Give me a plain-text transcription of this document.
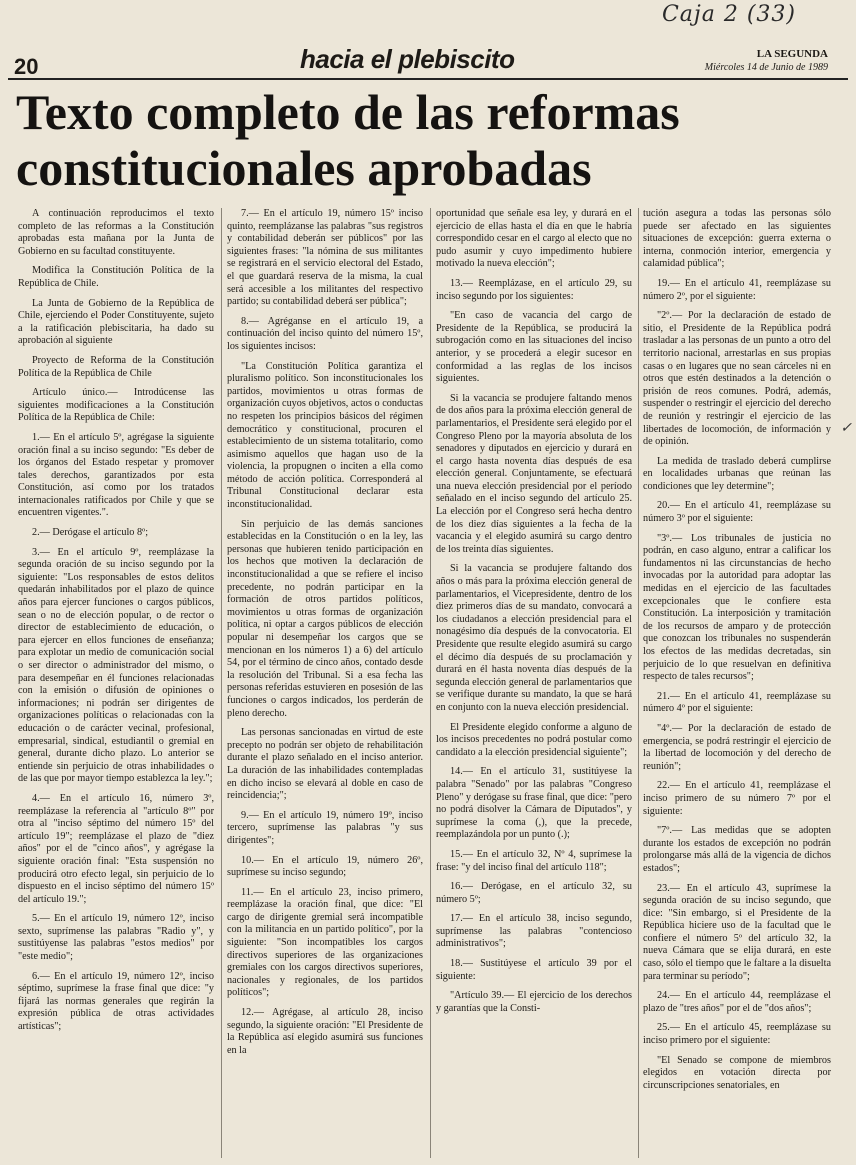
Caja 2 (33)
20	hacia el plebiscito	LA SEGUNDA
Miércoles 14 de Junio de 1989
Texto completo de las reformas
constitucionales aprobadas

A continuación reproducimos el texto completo de las reformas a la Constitución aprobadas esta mañana por la Junta de Gobierno en su facultad constituyente.

Modifica la Constitución Política de la República de Chile.

La Junta de Gobierno de la República de Chile, ejerciendo el Poder Constituyente, sujeto a la ratificación plebiscitaria, ha dado su aprobación al siguiente

Proyecto de Reforma de la Constitución Política de la República de Chile

Artículo único.— Introdúcense las siguientes modificaciones a la Constitución Política de la República de Chile:

1.— En el artículo 5º, agrégase la siguiente oración final a su inciso segundo: "Es deber de los órganos del Estado respetar y promover tales derechos, garantizados por esta Constitución, así como por los tratados internacionales ratificados por Chile y que se encuentren vigentes.".

2.— Derógase el artículo 8º;

3.— En el artículo 9º, reemplázase la segunda oración de su inciso segundo por la siguiente: "Los responsables de estos delitos quedarán inhabilitados por el plazo de quince años para ejercer funciones o cargos públicos, sean o no de elección popular, o de rector o director de establecimiento de educación, o para ejercer en ellos funciones de enseñanza; para explotar un medio de comunicación social o ser director o administrador del mismo, o para desempeñar en él funciones relacionadas con la emisión o difusión de opiniones o informaciones; ni podrán ser dirigentes de organizaciones políticas o relacionadas con la educación o de carácter vecinal, profesional, empresarial, sindical, estudiantil o gremial en general, durante dicho plazo. Lo anterior se entiende sin perjuicio de otras inhabilidades o de las que por mayor tiempo establezca la ley.";

4.— En el artículo 16, número 3º, reemplázase la referencia al "artículo 8º" por otra al "inciso séptimo del número 15º del artículo 19"; reemplázase el plazo de "diez años" por el de "cinco años", y agrégase la siguiente oración final: "Esta suspensión no producirá otro efecto legal, sin perjuicio de lo dispuesto en el inciso séptimo del número 15º del artículo 19.";

5.— En el artículo 19, número 12º, inciso sexto, suprímense las palabras "Radio y", y sustitúyense las palabras "estos medios" por "este medio";

6.— En el artículo 19, número 12º, inciso séptimo, suprímese la frase final que dice: "y fijará las normas generales que regirán la expresión pública de otras actividades artísticas";

7.— En el artículo 19, número 15º inciso quinto, reemplázanse las palabras "sus registros y contabilidad deberán ser públicos" por las siguientes frases: "la nómina de sus militantes se registrará en el servicio electoral del Estado, el que guardará reserva de la misma, la cual será accesible a los militantes del respectivo partido; su contabilidad deberá ser pública";

8.— Agréganse en el artículo 19, a continuación del inciso quinto del número 15º, los siguientes incisos:

"La Constitución Política garantiza el pluralismo político. Son inconstitucionales los partidos, movimientos u otras formas de organización cuyos objetivos, actos o conductas no respeten los principios básicos del régimen democrático y constitucional, procuren el establecimiento de un sistema totalitario, como asimismo aquellos que hagan uso de la violencia, la propugnen o inciten a ella como método de acción política. Corresponderá al Tribunal Constitucional declarar esta inconstitucionalidad.

Sin perjuicio de las demás sanciones establecidas en la Constitución o en la ley, las personas que hubieren tenido participación en los hechos que motiven la declaración de inconstitucionalidad a que se refiere el inciso precedente, no podrán participar en la formación de otros partidos políticos, movimientos u otras formas de organización política, ni optar a cargos públicos de elección popular ni desempeñar los cargos que se mencionan en los números 1) a 6) del artículo 54, por el término de cinco años, contado desde la resolución del Tribunal. Si a esa fecha las personas referidas estuvieren en posesión de las funciones o cargos indicados, los perderán de pleno derecho.

Las personas sancionadas en virtud de este precepto no podrán ser objeto de rehabilitación durante el plazo señalado en el inciso anterior. La duración de las inhabilidades contempladas en dicho inciso se elevará al doble en caso de reincidencia;";

9.— En el artículo 19, número 19º, inciso tercero, suprímense las palabras "y sus dirigentes";

10.— En el artículo 19, número 26º, suprímese su inciso segundo;

11.— En el artículo 23, inciso primero, reemplázase la oración final, que dice: "El cargo de dirigente gremial será incompatible con la militancia en un partido político", por la siguiente: "Son incompatibles los cargos directivos superiores de las organizaciones gremiales con los cargos directivos superiores, nacionales y regionales, de los partidos políticos";

12.— Agrégase, al artículo 28, inciso segundo, la siguiente oración: "El Presidente de la República así elegido asumirá sus funciones en la

oportunidad que señale esa ley, y durará en el ejercicio de ellas hasta el día en que le habría correspondido cesar en el cargo al electo que no pudo asumir y cuyo impedimento hubiere motivado la nueva elección";

13.— Reemplázase, en el artículo 29, su inciso segundo por los siguientes:

"En caso de vacancia del cargo de Presidente de la República, se producirá la subrogación como en las situaciones del inciso anterior, y se procederá a elegir sucesor en conformidad a las reglas de los incisos siguientes.

Si la vacancia se produjere faltando menos de dos años para la próxima elección general de parlamentarios, el Presidente será elegido por el Congreso Pleno por la mayoría absoluta de los senadores y diputados en ejercicio y durará en el cargo hasta noventa días después de esa elección general. Conjuntamente, se efectuará una nueva elección presidencial por el período señalado en el inciso segundo del artículo 25. La elección por el Congreso será hecha dentro de los diez días siguientes a la fecha de la vacancia y el elegido asumirá su cargo dentro de los treinta días siguientes.

Si la vacancia se produjere faltando dos años o más para la próxima elección general de parlamentarios, el Vicepresidente, dentro de los diez primeros días de su mandato, convocará a los ciudadanos a elección presidencial para el nonagésimo día después de la convocatoria. El Presidente que resulte elegido asumirá su cargo el décimo día después de su proclamación y durará en él hasta noventa días después de la segunda elección general de parlamentarios que se verifique durante su mandato, la que se hará en conjunto con la nueva elección presidencial.

El Presidente elegido conforme a alguno de los incisos precedentes no podrá postular como candidato a la elección presidencial siguiente";

14.— En el artículo 31, sustitúyese la palabra "Senado" por las palabras "Congreso Pleno" y derógase su frase final, que dice: "pero no podrá disolver la Cámara de Diputados", y suprímese la coma (,), que la precede, reemplazándola por un punto (.);

15.— En el artículo 32, Nº 4, suprímese la frase: "y del inciso final del artículo 118";

16.— Derógase, en el artículo 32, su número 5º;

17.— En el artículo 38, inciso segundo, suprímense las palabras "contencioso administrativos";

18.— Sustitúyese el artículo 39 por el siguiente:

"Artículo 39.— El ejercicio de los derechos y garantías que la Consti-

tución asegura a todas las personas sólo puede ser afectado en las siguientes situaciones de excepción: guerra externa o interna, conmoción interior, emergencia y calamidad pública";

19.— En el artículo 41, reemplázase su número 2º, por el siguiente:

"2º.— Por la declaración de estado de sitio, el Presidente de la República podrá trasladar a las personas de un punto a otro del territorio nacional, arrestarlas en sus propias casas o en lugares que no sean cárceles ni en otros que estén destinados a la detención o prisión de reos comunes. Podrá, además, suspender o restringir el ejercicio del derecho de reunión y restringir el ejercicio de las libertades de locomoción, de información y de opinión.

La medida de traslado deberá cumplirse en localidades urbanas que reúnan las condiciones que ley determine";

20.— En el artículo 41, reemplázase su número 3º por el siguiente:

"3º.— Los tribunales de justicia no podrán, en caso alguno, entrar a calificar los fundamentos ni las circunstancias de hecho invocadas por la autoridad para adoptar las medidas en el ejercicio de las facultades excepcionales que le confiere esta Constitución. La interposición y tramitación de los recursos de amparo y de protección que conozcan los tribunales no suspenderán los efectos de las medidas decretadas, sin perjuicio de lo que resuelvan en definitiva respecto de tales recursos";

21.— En el artículo 41, reemplázase su número 4º por el siguiente:

"4º.— Por la declaración de estado de emergencia, se podrá restringir el ejercicio de la libertad de locomoción y del derecho de reunión";

22.— En el artículo 41, reemplázase el inciso primero de su número 7º por el siguiente:

"7º.— Las medidas que se adopten durante los estados de excepción no podrán prolongarse más allá de la vigencia de dichos estados";

23.— En el artículo 43, suprímese la segunda oración de su inciso segundo, que dice: "Sin embargo, si el Presidente de la República hiciere uso de la facultad que le confiere el número 5º del artículo 32, la nueva Cámara que se elija durará, en este caso, sólo el tiempo que le faltare a la disuelta para terminar su período";

24.— En el artículo 44, reemplázase el plazo de "tres años" por el de "dos años";

25.— En el artículo 45, reemplázase su inciso primero por el siguiente:

"El Senado se compone de miembros elegidos en votación directa por circunscripciones senatoriales, en

✓
